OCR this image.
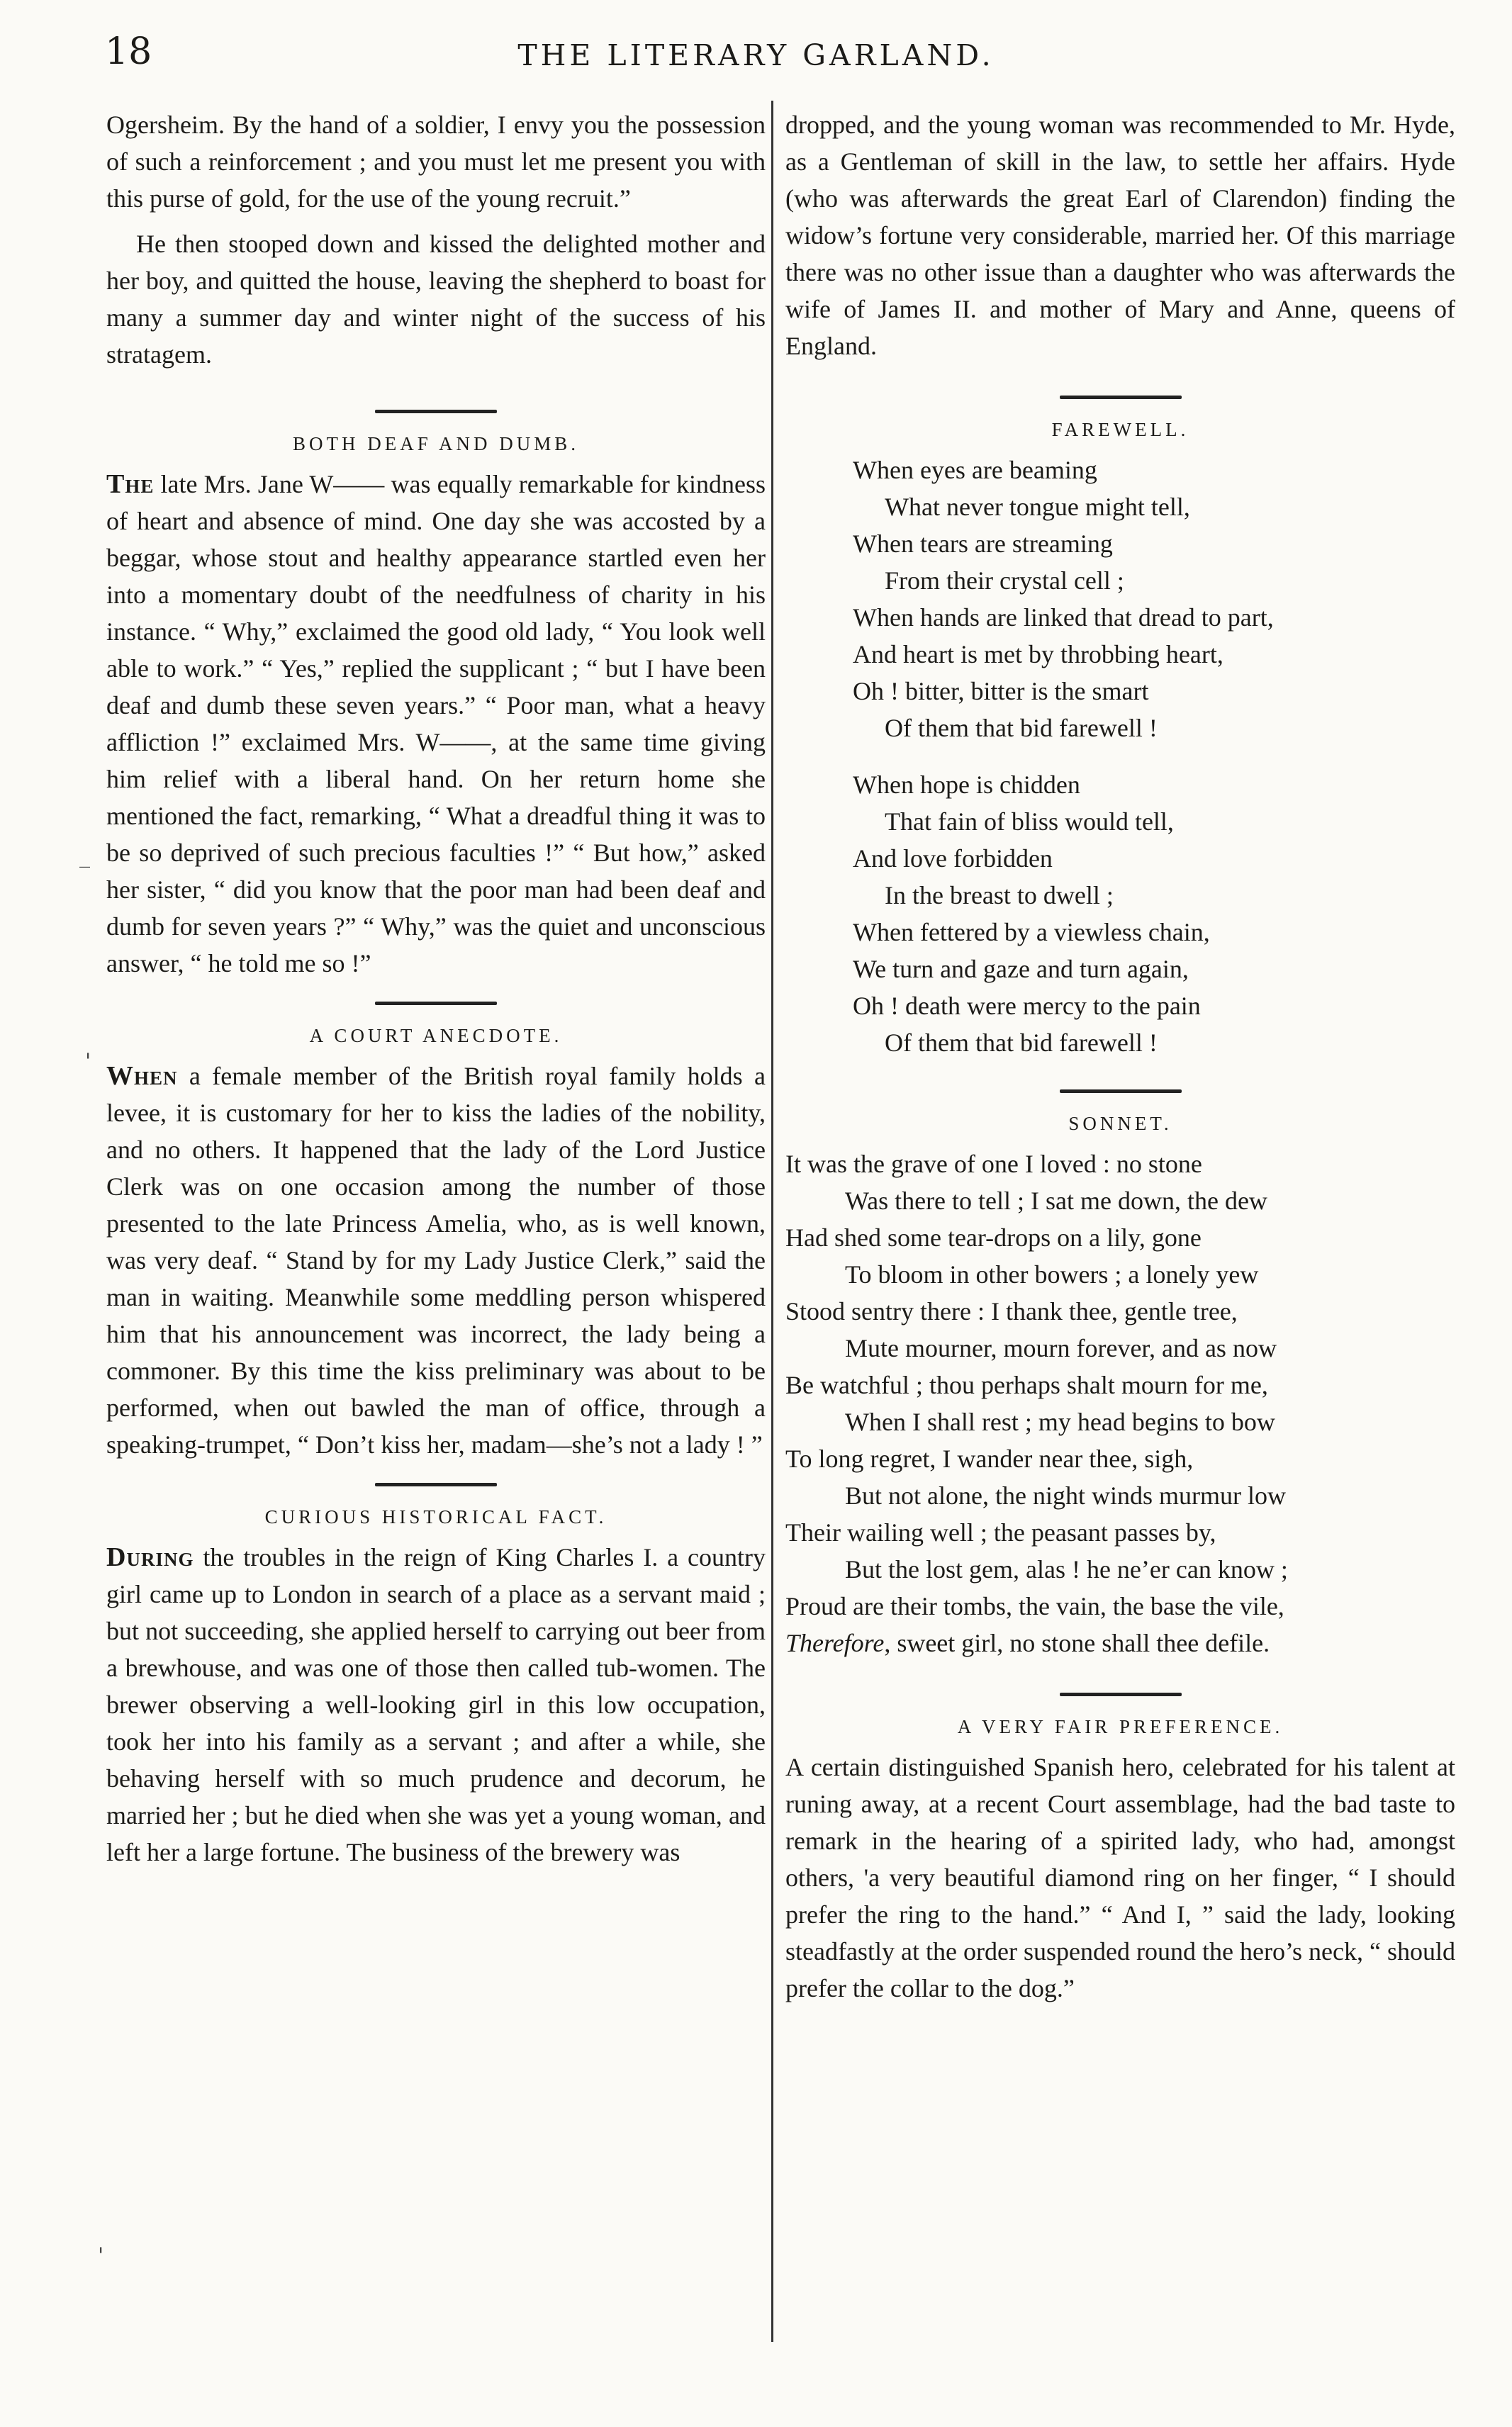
18	THE LITERARY GARLAND.

Ogersheim. By the hand of a soldier, I envy you the possession of such a reinforcement ; and you must let me present you with this purse of gold, for the use of the young recruit.”

He then stooped down and kissed the delighted mother and her boy, and quitted the house, leaving the shepherd to boast for many a summer day and winter night of the success of his stratagem.

BOTH DEAF AND DUMB.

The late Mrs. Jane W—— was equally remarkable for kindness of heart and absence of mind. One day she was accosted by a beggar, whose stout and healthy appearance startled even her into a momentary doubt of the needfulness of charity in his instance. “ Why,” exclaimed the good old lady, “ You look well able to work.” “ Yes,” replied the supplicant ; “ but I have been deaf and dumb these seven years.” “ Poor man, what a heavy affliction !” exclaimed Mrs. W——, at the same time giving him relief with a liberal hand. On her return home she mentioned the fact, remarking, “ What a dreadful thing it was to be so deprived of such precious faculties !” “ But how,” asked her sister, “ did you know that the poor man had been deaf and dumb for seven years ?” “ Why,” was the quiet and unconscious answer, “ he told me so !”

A COURT ANECDOTE.

When a female member of the British royal family holds a levee, it is customary for her to kiss the ladies of the nobility, and no others. It happened that the lady of the Lord Justice Clerk was on one occasion among the number of those presented to the late Princess Amelia, who, as is well known, was very deaf. “ Stand by for my Lady Justice Clerk,” said the man in waiting. Meanwhile some meddling person whispered him that his announcement was incorrect, the lady being a commoner. By this time the kiss preliminary was about to be performed, when out bawled the man of office, through a speaking-trumpet, “ Don’t kiss her, madam—she’s not a lady ! ”

CURIOUS HISTORICAL FACT.

During the troubles in the reign of King Charles I. a country girl came up to London in search of a place as a servant maid ; but not succeeding, she applied herself to carrying out beer from a brewhouse, and was one of those then called tub-women. The brewer observing a well-looking girl in this low occupation, took her into his family as a servant ; and after a while, she behaving herself with so much prudence and decorum, he married her ; but he died when she was yet a young woman, and left her a large fortune. The business of the brewery was

dropped, and the young woman was recommended to Mr. Hyde, as a Gentleman of skill in the law, to settle her affairs. Hyde (who was afterwards the great Earl of Clarendon) finding the widow’s fortune very considerable, married her. Of this marriage there was no other issue than a daughter who was afterwards the wife of James II. and mother of Mary and Anne, queens of England.

FAREWELL.
When eyes are beaming
What never tongue might tell,
When tears are streaming
From their crystal cell ;
When hands are linked that dread to part,
And heart is met by throbbing heart,
Oh ! bitter, bitter is the smart
Of them that bid farewell !
When hope is chidden
That fain of bliss would tell,
And love forbidden
In the breast to dwell ;
When fettered by a viewless chain,
We turn and gaze and turn again,
Oh ! death were mercy to the pain
Of them that bid farewell !
SONNET.
It was the grave of one I loved : no stone
Was there to tell ; I sat me down, the dew
Had shed some tear-drops on a lily, gone
To bloom in other bowers ; a lonely yew
Stood sentry there : I thank thee, gentle tree,
Mute mourner, mourn forever, and as now
Be watchful ; thou perhaps shalt mourn for me,
When I shall rest ; my head begins to bow
To long regret, I wander near thee, sigh,
But not alone, the night winds murmur low
Their wailing well ; the peasant passes by,
But the lost gem, alas ! he ne’er can know ;
Proud are their tombs, the vain, the base the vile,
Therefore, sweet girl, no stone shall thee defile.
A VERY FAIR PREFERENCE.

A certain distinguished Spanish hero, celebrated for his talent at runing away, at a recent Court assemblage, had the bad taste to remark in the hearing of a spirited lady, who had, amongst others, 'a very beautiful diamond ring on her finger, “ I should prefer the ring to the hand.” “ And I, ” said the lady, looking steadfastly at the order suspended round the hero’s neck, “ should prefer the collar to the dog.”

_
'
'
